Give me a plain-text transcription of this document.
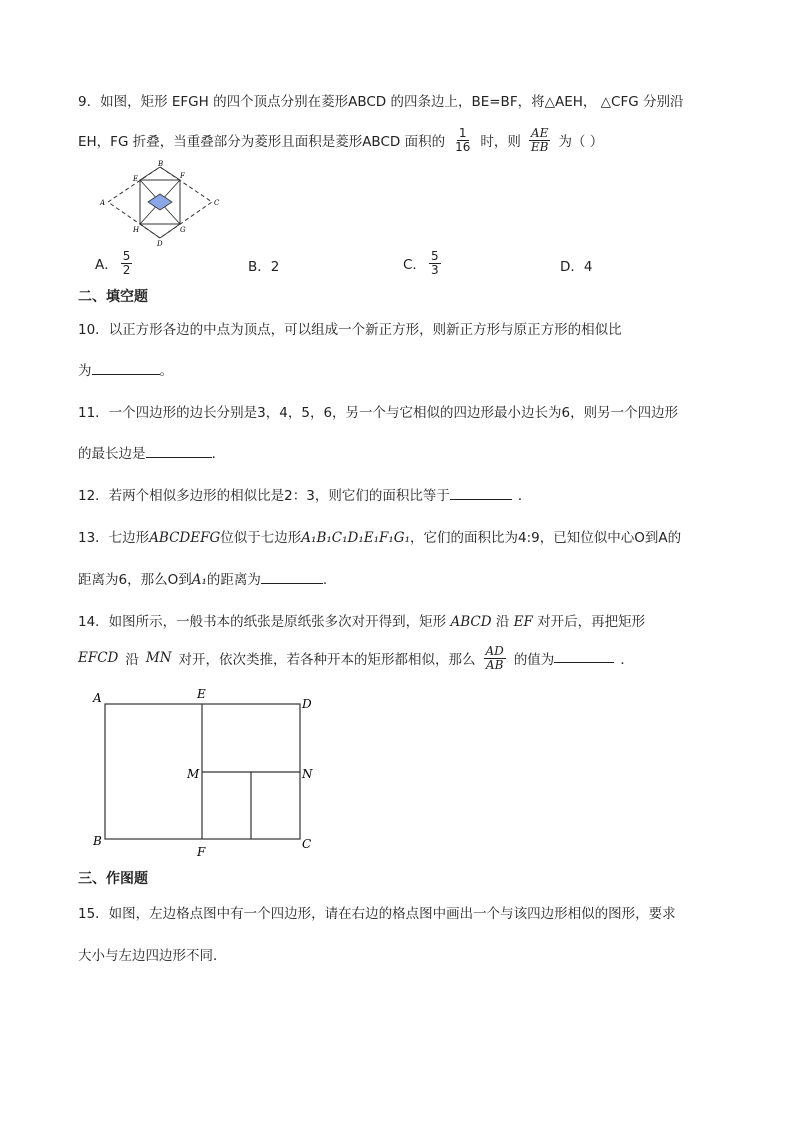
9．如图，矩形 EFGH 的四个顶点分别在菱形ABCD 的四条边上，BE=BF，将△AEH， △CFG 分别沿
EH，FG 折叠，当重叠部分为菱形且面积是菱形ABCD 面积的 $\frac{1}{16}$ 时，则 $\frac{AE}{EB}$ 为（ ）
A
B
C
D
E	F
G
H
A． $\frac{5}{2}$	B．2	C． $\frac{5}{3}$	D．4
二、填空题
10．以正方形各边的中点为顶点，可以组成一个新正方形，则新正方形与原正方形的相似比
为	。
11．一个四边形的边长分别是3，4，5，6，另一个与它相似的四边形最小边长为6，则另一个四边形
的最长边是	.
12．若两个相似多边形的相似比是2：3，则它们的面积比等于	．
13．七边形ABCDEFG位似于七边形A₁B₁C₁D₁E₁F₁G₁，它们的面积比为4:9，已知位似中心O到A的
距离为6，那么O到A₁的距离为	.
14．如图所示，一般书本的纸张是原纸张多次对开得到，矩形 ABCD 沿 EF 对开后，再把矩形
EFCD 沿 MN 对开，依次类推，若各种开本的矩形都相似，那么 $\frac{AD}{AB}$ 的值为	．
A	E
D
M	N
B
F
C
三、作图题
15．如图，左边格点图中有一个四边形，请在右边的格点图中画出一个与该四边形相似的图形，要求
大小与左边四边形不同．
